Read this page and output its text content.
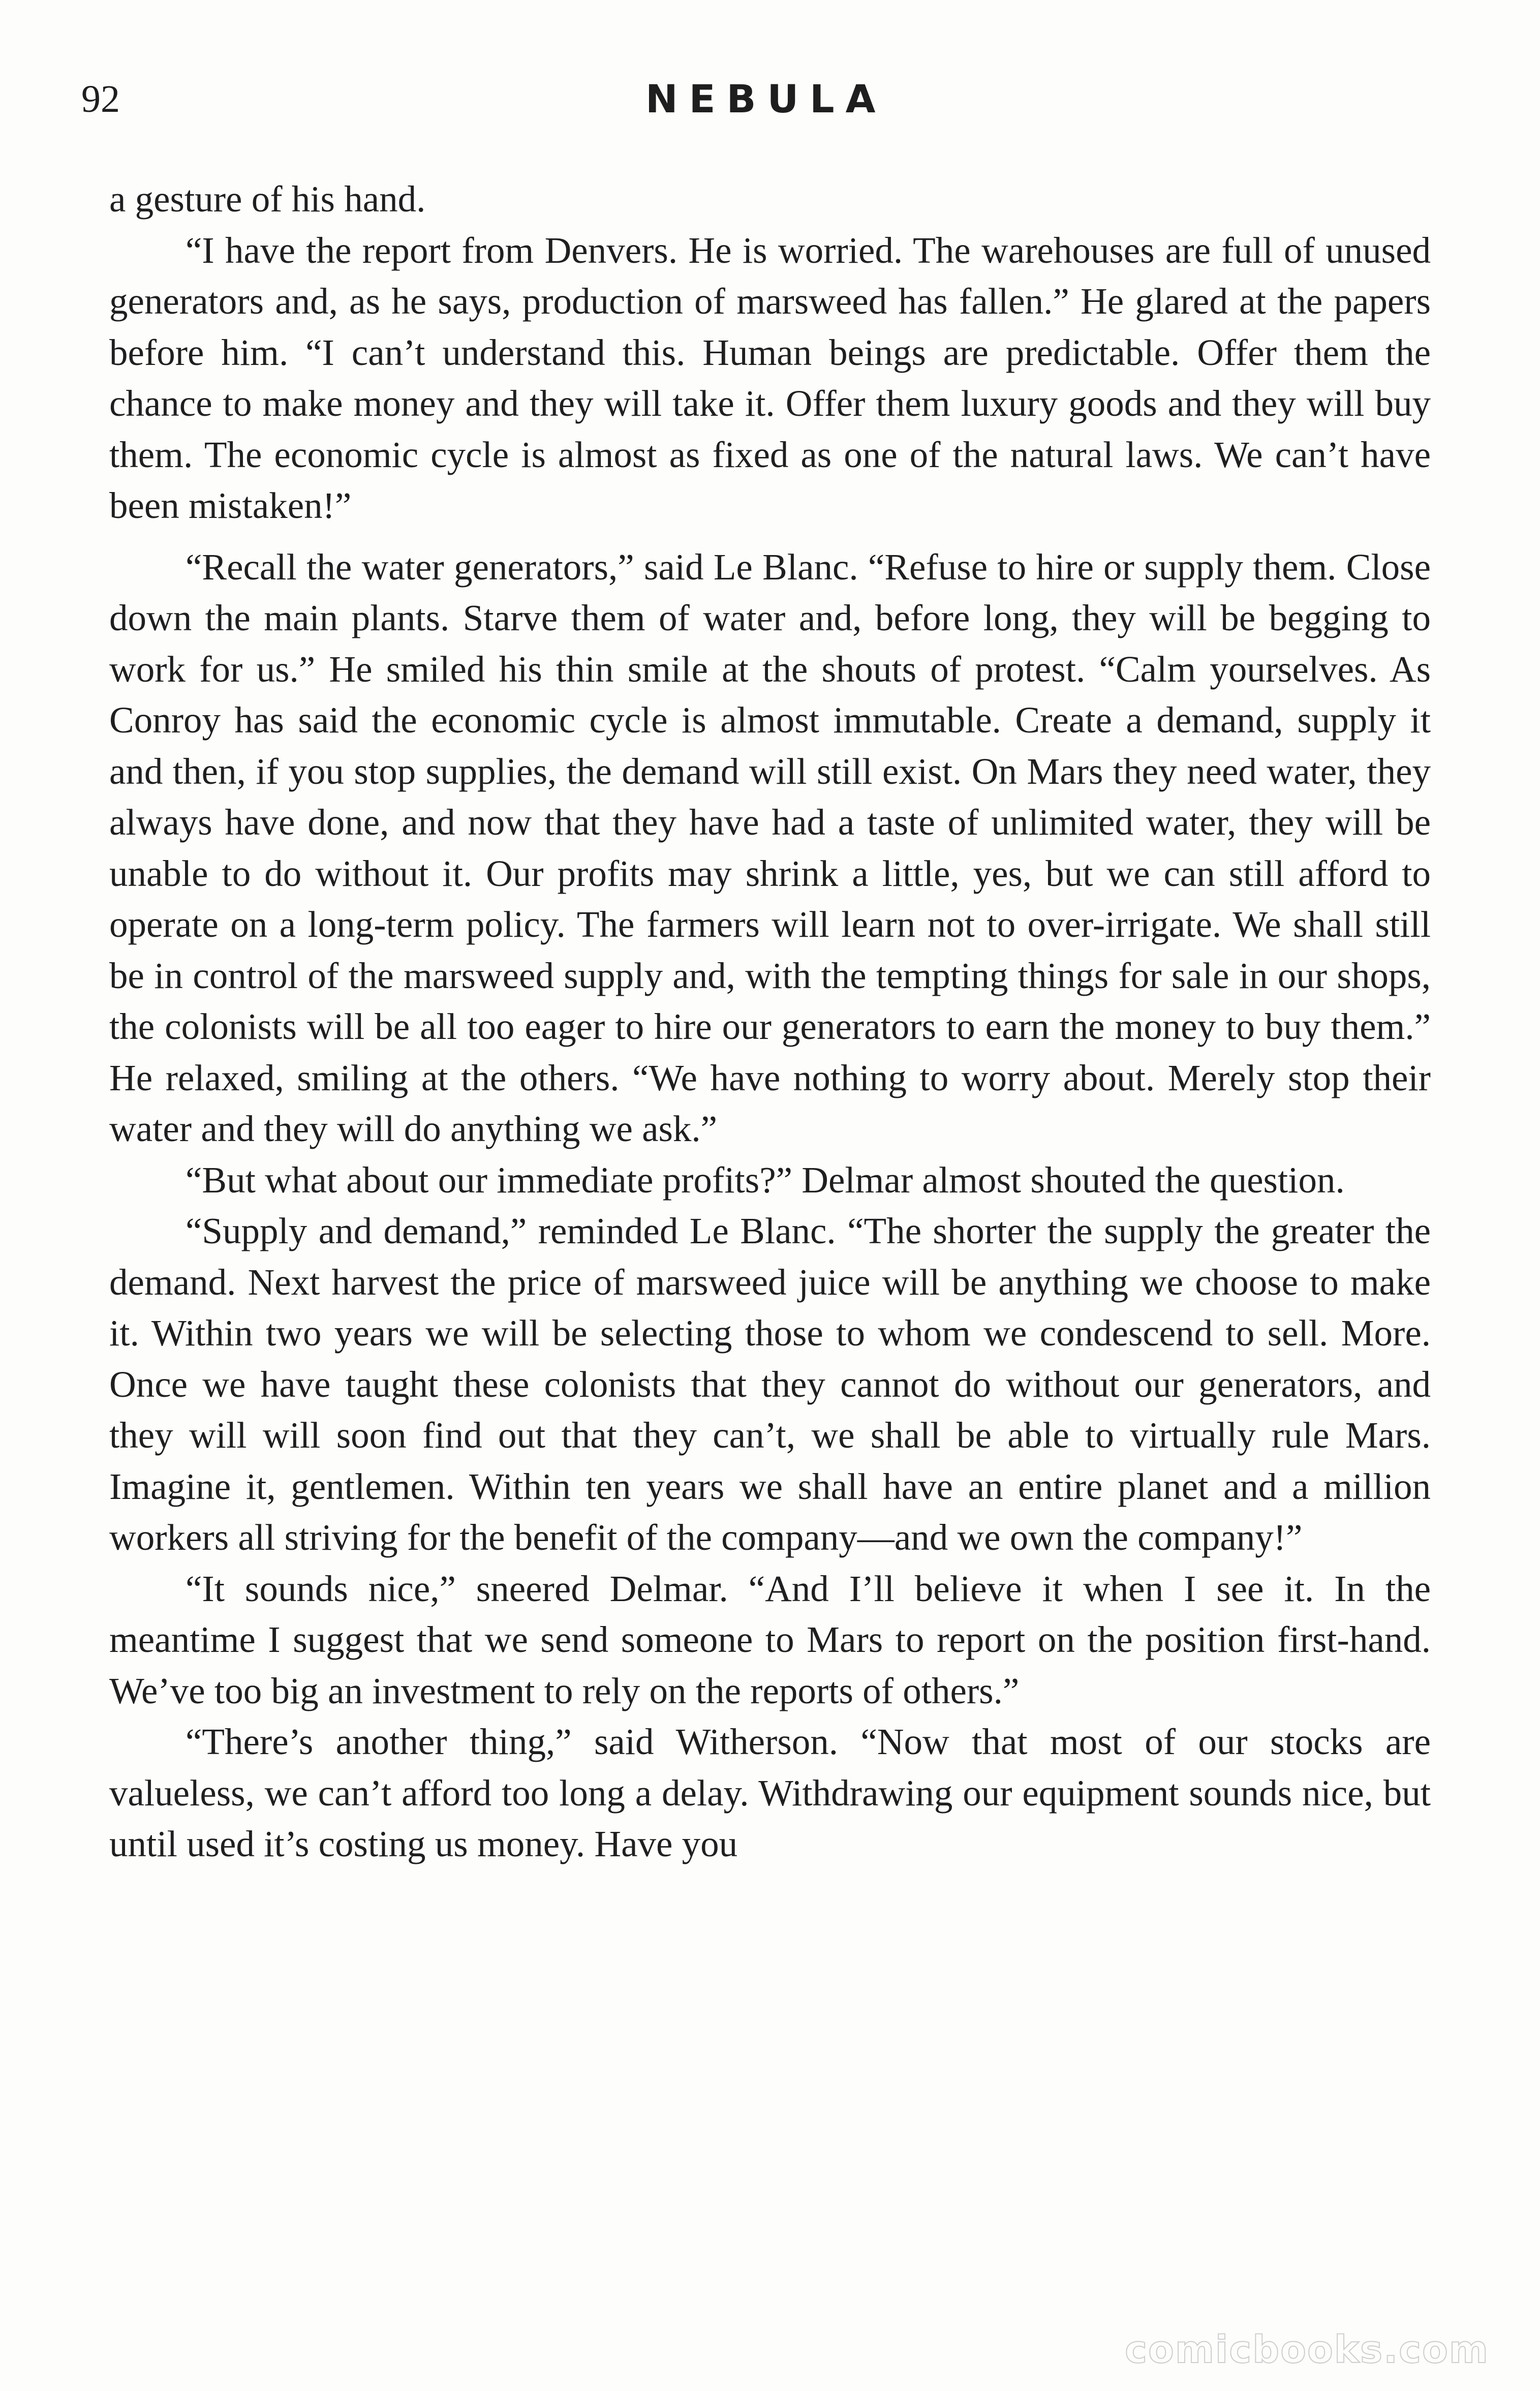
92	NEBULA

a gesture of his hand.

“I have the report from Denvers. He is worried. The warehouses are full of unused generators and, as he says, production of marsweed has fallen.” He glared at the papers before him. “I can’t understand this. Human beings are predictable. Offer them the chance to make money and they will take it. Offer them luxury goods and they will buy them. The economic cycle is almost as fixed as one of the natural laws. We can’t have been mistaken!”

“Recall the water generators,” said Le Blanc. “Refuse to hire or supply them. Close down the main plants. Starve them of water and, before long, they will be begging to work for us.” He smiled his thin smile at the shouts of protest. “Calm yourselves. As Conroy has said the economic cycle is almost immutable. Create a demand, supply it and then, if you stop supplies, the demand will still exist. On Mars they need water, they always have done, and now that they have had a taste of unlimited water, they will be unable to do without it. Our profits may shrink a little, yes, but we can still afford to operate on a long-term policy. The farmers will learn not to over-irrigate. We shall still be in control of the marsweed supply and, with the tempting things for sale in our shops, the colonists will be all too eager to hire our generators to earn the money to buy them.” He relaxed, smiling at the others. “We have nothing to worry about. Merely stop their water and they will do anything we ask.”

“But what about our immediate profits?” Delmar almost shouted the question.

“Supply and demand,” reminded Le Blanc. “The shorter the supply the greater the demand. Next harvest the price of marsweed juice will be anything we choose to make it. Within two years we will be selecting those to whom we condescend to sell. More. Once we have taught these colonists that they cannot do without our generators, and they will will soon find out that they can’t, we shall be able to virtually rule Mars. Imagine it, gentlemen. Within ten years we shall have an entire planet and a million workers all striving for the benefit of the company—and we own the company!”

“It sounds nice,” sneered Delmar. “And I’ll believe it when I see it. In the meantime I suggest that we send someone to Mars to report on the position first-hand. We’ve too big an investment to rely on the reports of others.”

“There’s another thing,” said Witherson. “Now that most of our stocks are valueless, we can’t afford too long a delay. Withdrawing our equipment sounds nice, but until used it’s costing us money. Have you

comicbooks.com
